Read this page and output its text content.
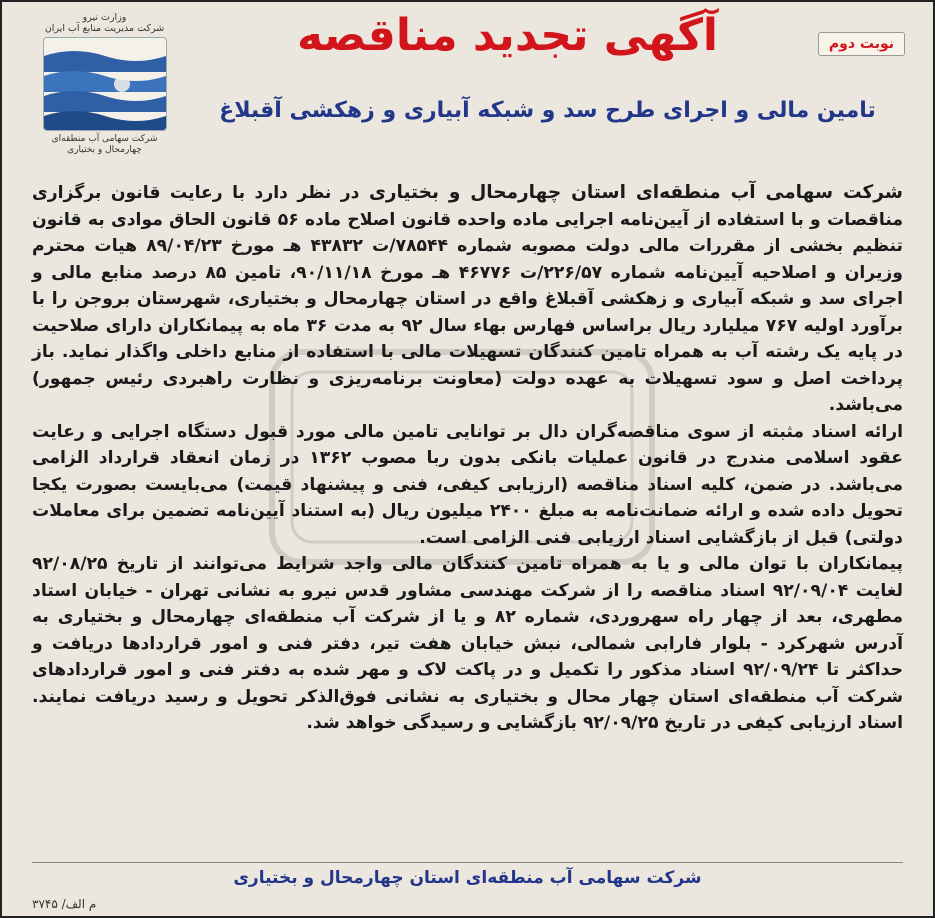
وزارت نیرو
شرکت مدیریت منابع آب ایران
شرکت سهامی آب منطقه‌ای
چهارمحال و بختیاری
نوبت دوم
آگهی تجدید مناقصه
تامین مالی و اجرای طرح سد و شبکه آبیاری و زهکشی آقبلاغ

شرکت سهامی آب منطقه‌ای استان چهارمحال و بختیاری در نظر دارد با رعایت قانون برگزاری مناقصات و با استفاده از آیین‌نامه اجرایی ماده واحده قانون اصلاح ماده ۵۶ قانون الحاق موادی به قانون تنظیم بخشی از مقررات مالی دولت مصوبه شماره ۷۸۵۴۴/ت ۴۳۸۳۲ هـ مورخ ۸۹/۰۴/۲۳ هیات محترم وزیران و اصلاحیه آیین‌نامه شماره ۲۲۶/۵۷/ت ۴۶۷۷۶ هـ مورخ ۹۰/۱۱/۱۸، تامین ۸۵ درصد منابع مالی و اجرای سد و شبکه آبیاری و زهکشی آقبلاغ واقع در استان چهارمحال و بختیاری، شهرستان بروجن را با برآورد اولیه ۷۶۷ میلیارد ریال براساس فهارس بهاء سال ۹۲ به مدت ۳۶ ماه به پیمانکاران دارای صلاحیت در پایه یک رشته آب به همراه تامین کنندگان تسهیلات مالی با استفاده از منابع داخلی واگذار نماید. باز پرداخت اصل و سود تسهیلات به عهده دولت (معاونت برنامه‌ریزی و نظارت راهبردی رئیس جمهور) می‌باشد.

ارائه اسناد مثبته از سوی مناقصه‌گران دال بر توانایی تامین مالی مورد قبول دستگاه اجرایی و رعایت عقود اسلامی مندرج در قانون عملیات بانکی بدون ربا مصوب ۱۳۶۲ در زمان انعقاد قرارداد الزامی می‌باشد. در ضمن، کلیه اسناد مناقصه (ارزیابی کیفی، فنی و پیشنهاد قیمت) می‌بایست بصورت یکجا تحویل داده شده و ارائه ضمانت‌نامه به مبلغ ۲۴۰۰ میلیون ریال (به استناد آیین‌نامه تضمین برای معاملات دولتی) قبل از بازگشایی اسناد ارزیابی فنی الزامی است.

پیمانکاران با توان مالی و یا به همراه تامین کنندگان مالی واجد شرایط می‌توانند از تاریخ ۹۲/۰۸/۲۵ لغایت ۹۲/۰۹/۰۴ اسناد مناقصه را از شرکت مهندسی مشاور قدس نیرو به نشانی تهران - خیابان استاد مطهری، بعد از چهار راه سهروردی، شماره ۸۲ و یا از شرکت آب منطقه‌ای چهارمحال و بختیاری به آدرس شهرکرد - بلوار فارابی شمالی، نبش خیابان هفت تیر، دفتر فنی و امور قراردادها دریافت و حداکثر تا ۹۲/۰۹/۲۴ اسناد مذکور را تکمیل و در پاکت لاک و مهر شده به دفتر فنی و امور قراردادهای شرکت آب منطقه‌ای استان چهار محال و بختیاری به نشانی فوق‌الذکر تحویل و رسید دریافت نمایند. اسناد ارزیابی کیفی در تاریخ ۹۲/۰۹/۲۵ بازگشایی و رسیدگی خواهد شد.

شرکت سهامی آب منطقه‌ای استان چهارمحال و بختیاری
م الف/ ۳۷۴۵
